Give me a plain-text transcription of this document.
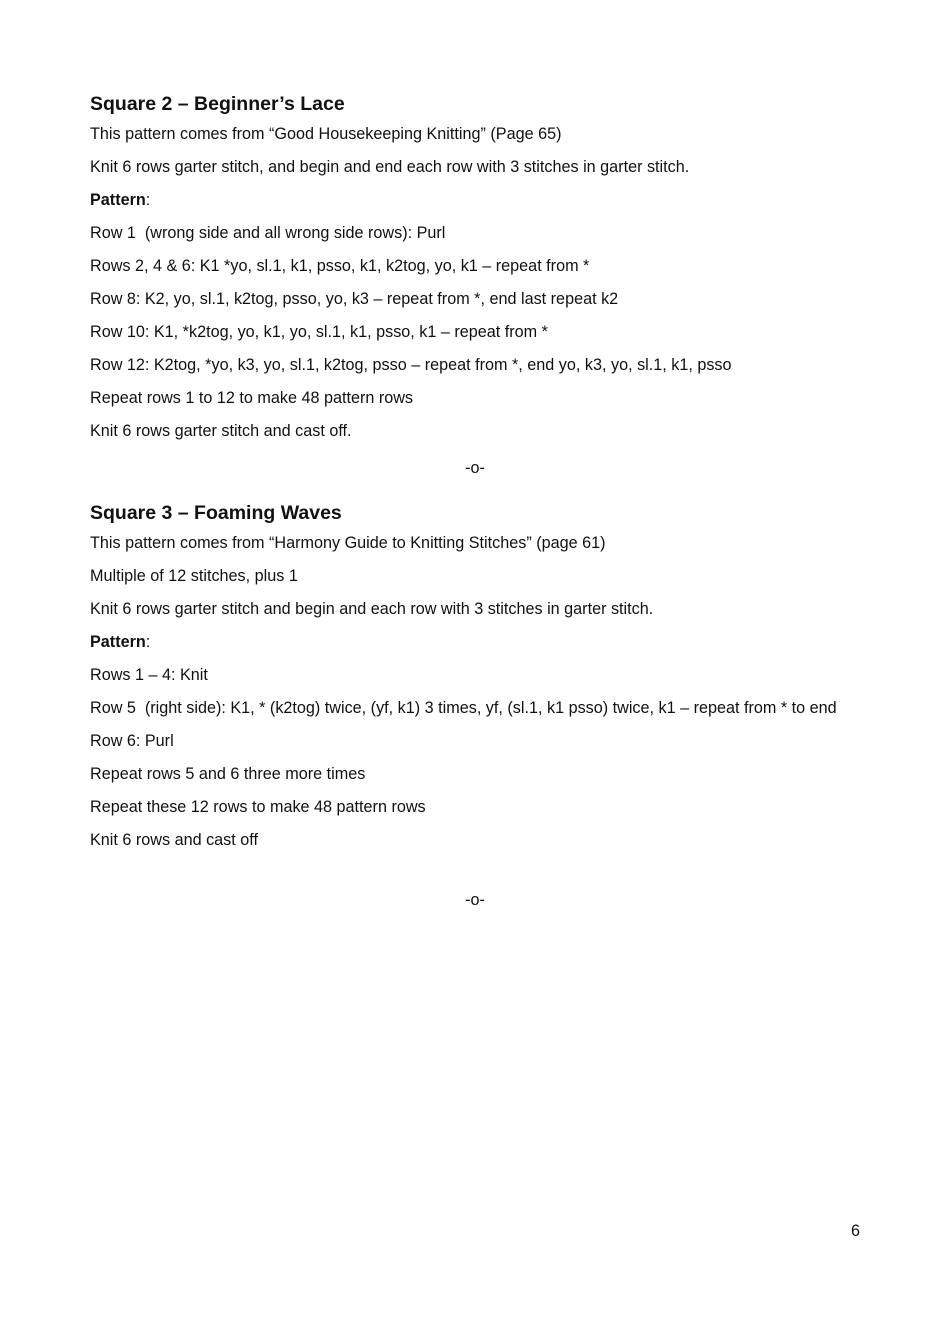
Square 2 – Beginner’s Lace
This pattern comes from “Good Housekeeping Knitting” (Page 65)
Knit 6 rows garter stitch, and begin and end each row with 3 stitches in garter stitch.
Pattern:
Row 1  (wrong side and all wrong side rows): Purl
Rows 2, 4 & 6: K1 *yo, sl.1, k1, psso, k1, k2tog, yo, k1 – repeat from *
Row 8: K2, yo, sl.1, k2tog, psso, yo, k3 – repeat from *, end last repeat k2
Row 10: K1, *k2tog, yo, k1, yo, sl.1, k1, psso, k1 – repeat from *
Row 12: K2tog, *yo, k3, yo, sl.1, k2tog, psso – repeat from *, end yo, k3, yo, sl.1, k1, psso
Repeat rows 1 to 12 to make 48 pattern rows
Knit 6 rows garter stitch and cast off.
-o-
Square 3 – Foaming Waves
This pattern comes from “Harmony Guide to Knitting Stitches” (page 61)
Multiple of 12 stitches, plus 1
Knit 6 rows garter stitch and begin and each row with 3 stitches in garter stitch.
Pattern:
Rows 1 – 4: Knit
Row 5  (right side): K1, * (k2tog) twice, (yf, k1) 3 times, yf, (sl.1, k1 psso) twice, k1 – repeat from * to end
Row 6: Purl
Repeat rows 5 and 6 three more times
Repeat these 12 rows to make 48 pattern rows
Knit 6 rows and cast off
-o-
6
